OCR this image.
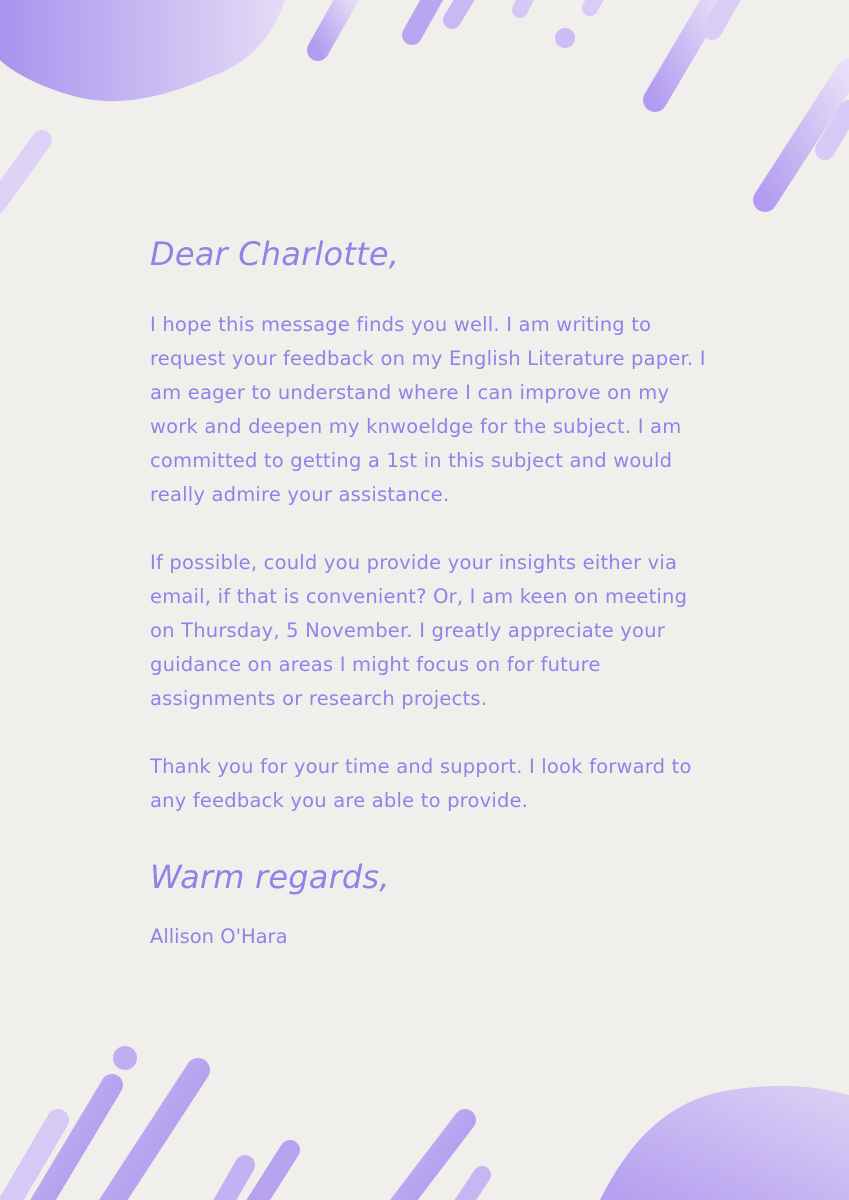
Dear Charlotte,

I hope this message finds you well. I am writing to request your feedback on my English Literature paper. I am eager to understand where I can improve on my work and deepen my knwoeldge for the subject. I am committed to getting a 1st in this subject and would really admire your assistance.

If possible, could you provide your insights either via email, if that is convenient? Or, I am keen on meeting on Thursday, 5 November. I greatly appreciate your guidance on areas I might focus on for future assignments or research projects.

Thank you for your time and support. I look forward to any feedback you are able to provide.

Warm regards,
Allison O'Hara
